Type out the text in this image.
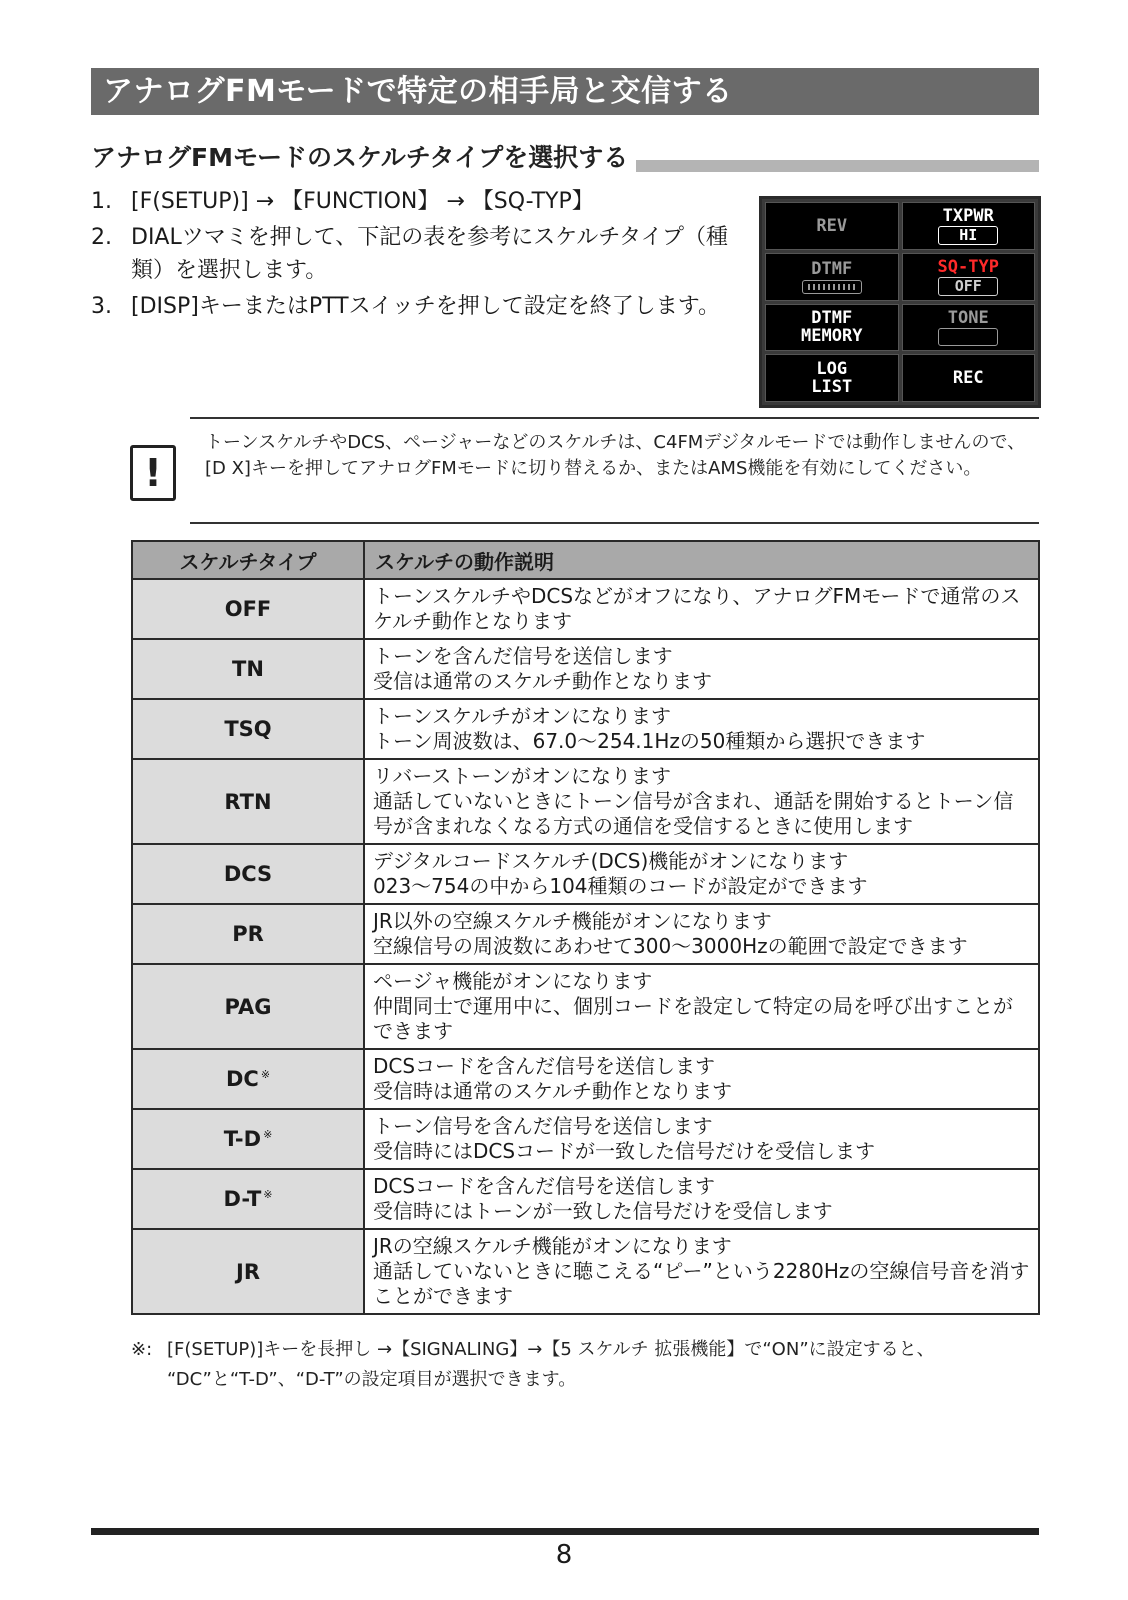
アナログFMモードで特定の相手局と交信する
アナログFMモードのスケルチタイプを選択する
1. [F(SETUP)] → 【FUNCTION】 → 【SQ-TYP】
2. DIALツマミを押して、下記の表を参考にスケルチタイプ（種類）を選択します。
3. [DISP]キーまたはPTTスイッチを押して設定を終了します。
REV	TXPWR
HI
DTMF	SQ-TYP
OFF
DTMF
MEMORY
TONE
LOG
LIST	REC
!
トーンスケルチやDCS、ページャーなどのスケルチは、C4FMデジタルモードでは動作しませんので、[D X]キーを押してアナログFMモードに切り替えるか、またはAMS機能を有効にしてください。
スケルチタイプ	スケルチの動作説明
OFF	トーンスケルチやDCSなどがオフになり、アナログFMモードで通常のスケルチ動作となります

TN	トーンを含んだ信号を送信します
受信は通常のスケルチ動作となります

TSQ	トーンスケルチがオンになります
トーン周波数は、67.0〜254.1Hzの50種類から選択できます

RTN	リバーストーンがオンになります
通話していないときにトーン信号が含まれ、通話を開始するとトーン信号が含まれなくなる方式の通信を受信するときに使用します

DCS	デジタルコードスケルチ(DCS)機能がオンになります
023〜754の中から104種類のコードが設定ができます

PR	JR以外の空線スケルチ機能がオンになります
空線信号の周波数にあわせて300〜3000Hzの範囲で設定できます

PAG	ページャ機能がオンになります
仲間同士で運用中に、個別コードを設定して特定の局を呼び出すことができます

DC ※	DCSコードを含んだ信号を送信します
受信時は通常のスケルチ動作となります

T-D ※	トーン信号を含んだ信号を送信します
受信時にはDCSコードが一致した信号だけを受信します

D-T ※	DCSコードを含んだ信号を送信します
受信時にはトーンが一致した信号だけを受信します

JR	JRの空線スケルチ機能がオンになります
通話していないときに聴こえる“ピー”という2280Hzの空線信号音を消すことができます
※: [F(SETUP)]キーを長押し →【SIGNALING】→【5 スケルチ 拡張機能】で“ON”に設定すると、
“DC”と“T-D”、“D-T”の設定項目が選択できます。
8
